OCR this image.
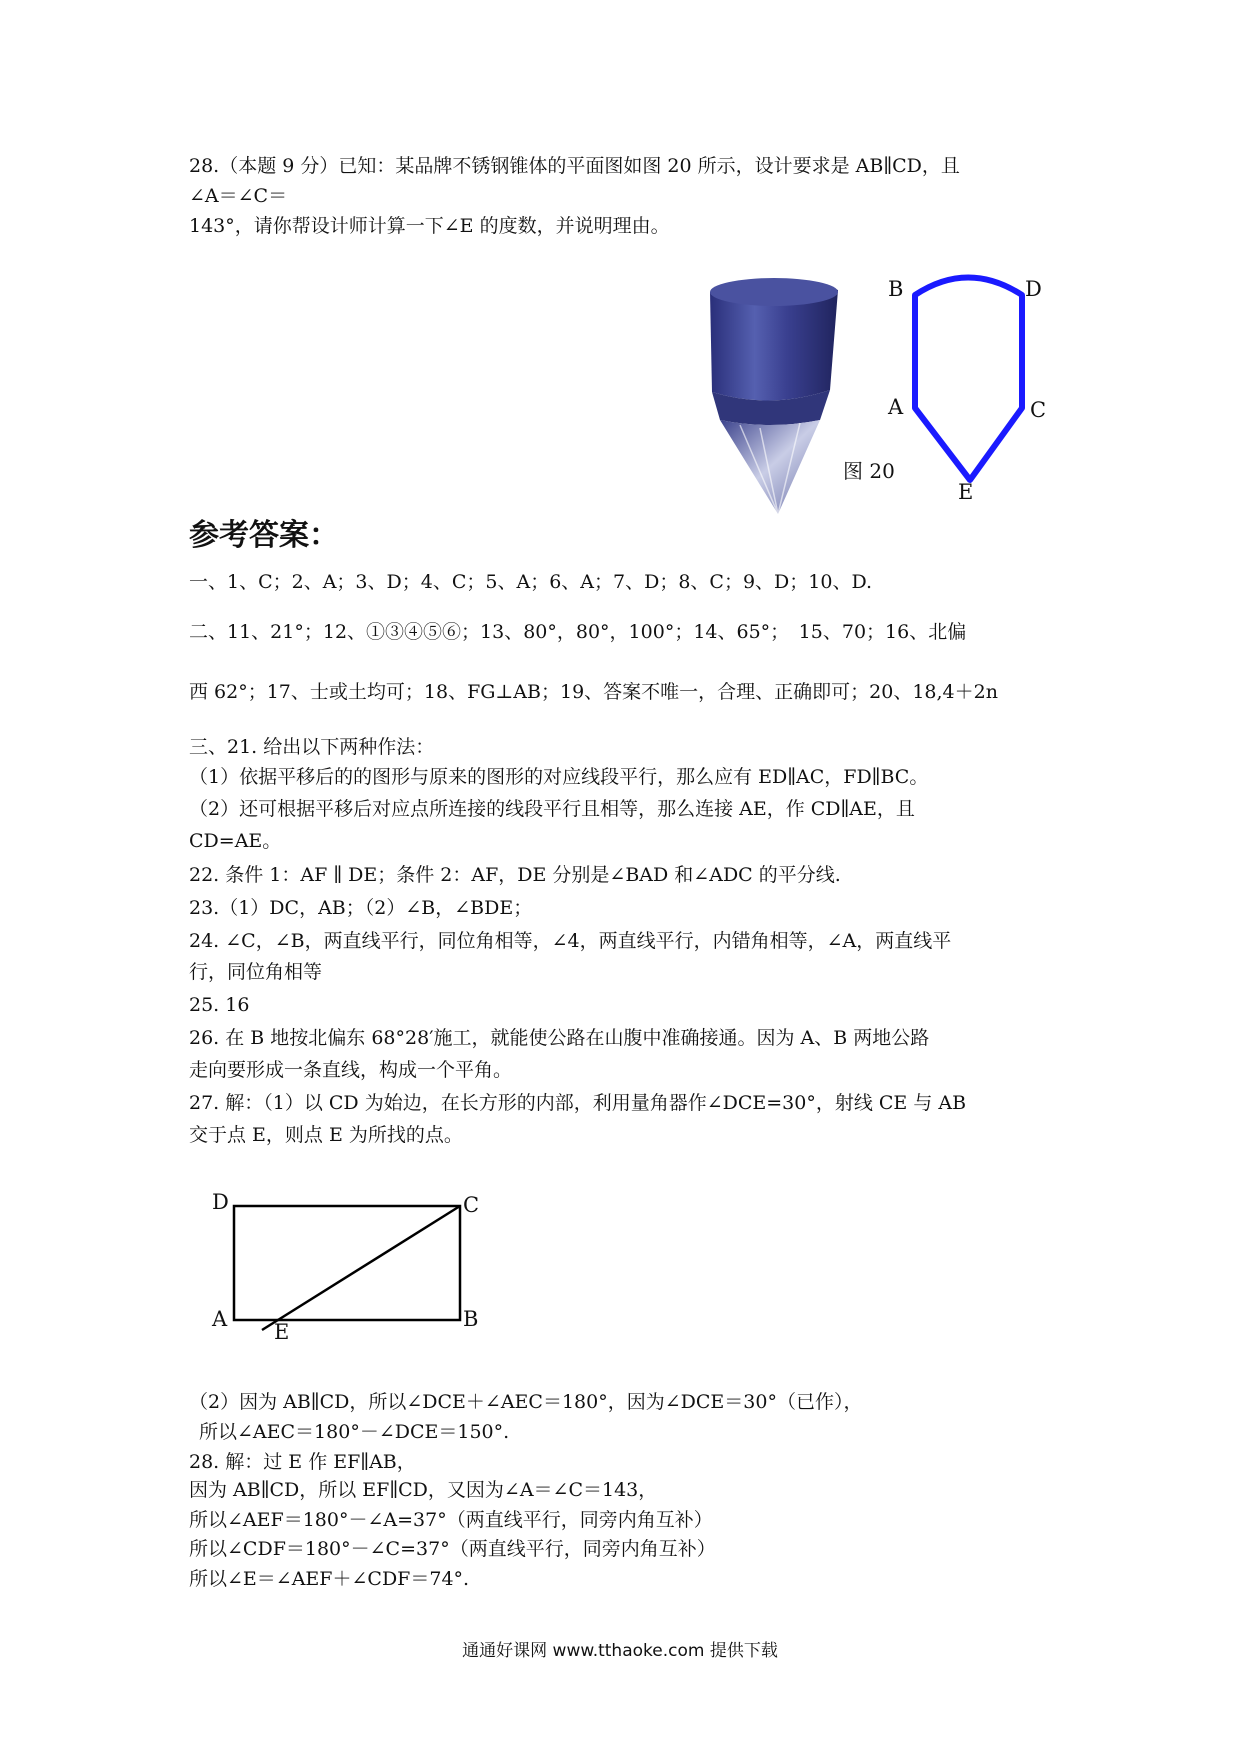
28.（本题 9 分）已知：某品牌不锈钢锥体的平面图如图 20 所示，设计要求是 AB∥CD，且
∠A＝∠C＝
143°，请你帮设计师计算一下∠E 的度数，并说明理由。
B	D
A	C
E
图 20
参考答案：
一、1、C；2、A；3、D；4、C；5、A；6、A；7、D；8、C；9、D；10、D.
二、11、21°；12、①③④⑤⑥；13、80°，80°，100°；14、65°；　15、70；16、北偏
西 62°；17、士或土均可；18、FG⊥AB；19、答案不唯一，合理、正确即可；20、18,4＋2n
三、21. 给出以下两种作法：
（1）依据平移后的的图形与原来的图形的对应线段平行，那么应有 ED∥AC，FD∥BC。
（2）还可根据平移后对应点所连接的线段平行且相等，那么连接 AE，作 CD∥AE，且
CD=AE。
22. 条件 1：AF ∥ DE；条件 2：AF，DE 分别是∠BAD 和∠ADC 的平分线.
23.（1）DC，AB；（2）∠B，∠BDE；
24. ∠C，∠B，两直线平行，同位角相等，∠4，两直线平行，内错角相等，∠A，两直线平
行，同位角相等
25. 16
26. 在 B 地按北偏东 68°28′施工，就能使公路在山腹中准确接通。因为 A、B 两地公路
走向要形成一条直线，构成一个平角。
27. 解：（1）以 CD 为始边，在长方形的内部，利用量角器作∠DCE=30°，射线 CE 与 AB
交于点 E，则点 E 为所找的点。
D	C
A
E
B
（2）因为 AB∥CD，所以∠DCE＋∠AEC＝180°，因为∠DCE＝30°（已作），
所以∠AEC＝180°－∠DCE＝150°.
28. 解：过 E 作 EF∥AB，
因为 AB∥CD，所以 EF∥CD，又因为∠A＝∠C＝143，
所以∠AEF＝180°－∠A=37°（两直线平行，同旁内角互补）
所以∠CDF＝180°－∠C=37°（两直线平行，同旁内角互补）
所以∠E＝∠AEF＋∠CDF＝74°.
通通好课网 www.tthaoke.com 提供下载
